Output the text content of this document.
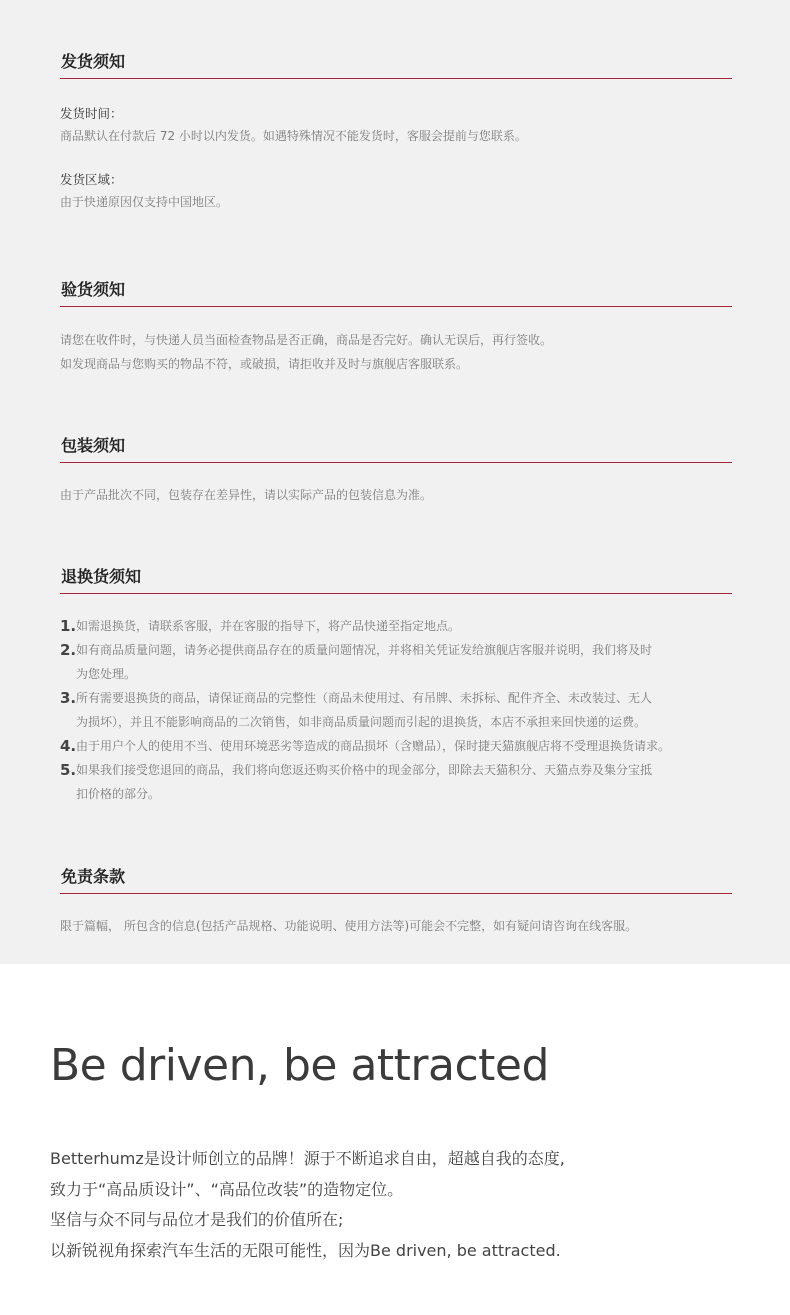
发货须知

发货时间：

商品默认在付款后 72 小时以内发货。如遇特殊情况不能发货时，客服会提前与您联系。

发货区域：

由于快递原因仅支持中国地区。

验货须知

请您在收件时，与快递人员当面检查物品是否正确，商品是否完好。确认无误后，再行签收。

如发现商品与您购买的物品不符，或破损，请拒收并及时与旗舰店客服联系。

包装须知

由于产品批次不同，包装存在差异性，请以实际产品的包装信息为准。

退换货须知
1. 如需退换货，请联系客服，并在客服的指导下，将产品快递至指定地点。
2. 如有商品质量问题，请务必提供商品存在的质量问题情况，并将相关凭证发给旗舰店客服并说明，我们将及时
为您处理。
3. 所有需要退换货的商品，请保证商品的完整性（商品未使用过、有吊牌、未拆标、配件齐全、未改装过、无人
为损坏），并且不能影响商品的二次销售，如非商品质量问题而引起的退换货，本店不承担来回快递的运费。
4. 由于用户个人的使用不当、使用环境恶劣等造成的商品损坏（含赠品），保时捷天猫旗舰店将不受理退换货请求。
5. 如果我们接受您退回的商品，我们将向您返还购买价格中的现金部分，即除去天猫积分、天猫点券及集分宝抵
扣价格的部分。
免责条款

限于篇幅， 所包含的信息(包括产品规格、功能说明、使用方法等)可能会不完整，如有疑问请咨询在线客服。

Be driven, be attracted

Betterhumz是设计师创立的品牌！源于不断追求自由，超越自我的态度,

致力于“高品质设计”、“高品位改装”的造物定位。

坚信与众不同与品位才是我们的价值所在;

以新锐视角探索汽车生活的无限可能性，因为Be driven, be attracted.
